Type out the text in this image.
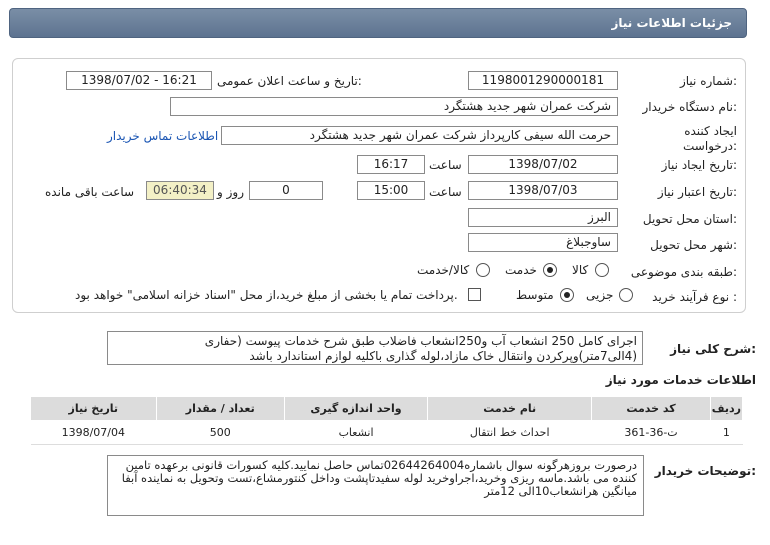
جزئیات اطلاعات نیاز
شماره نیاز:
1198001290000181
تاریخ و ساعت اعلان عمومی:
1398/07/02 - 16:21
نام دستگاه خریدار:
شرکت عمران شهر جدید هشتگرد
ایجاد کننده درخواست:
حرمت الله سیفی کارپرداز شرکت عمران شهر جدید هشتگرد
اطلاعات تماس خریدار
تاریخ ایجاد نیاز:
1398/07/02
ساعت
16:17
تاریخ اعتبار نیاز:
1398/07/03
ساعت
15:00
0
روز و
06:40:34
ساعت باقی مانده
استان محل تحویل:
البرز
شهر محل تحویل:
ساوجبلاغ
طبقه بندی موضوعی:
کالا
خدمت
کالا/خدمت
نوع فرآیند خرید :
جزیی
متوسط
پرداخت تمام یا بخشی از مبلغ خرید،از محل "اسناد خزانه اسلامی" خواهد بود.
شرح کلی نیاز:
اجرای کامل 250 انشعاب آب و250انشعاب فاضلاب طبق شرح خدمات پیوست (حفاری (4الی7متر)وپرکردن وانتقال خاک مازاد،لوله گذاری باکلیه لوازم استاندارد باشد
اطلاعات خدمات مورد نیاز
ردیف	کد خدمت	نام خدمت	واحد اندازه گیری	تعداد / مقدار	تاریخ نیاز
1	ت-36-361	احداث خط انتقال	انشعاب	500	1398/07/04
توضیحات خریدار:
درصورت بروزهرگونه سوال باشماره02644264004تماس حاصل نمایید.کلیه کسورات قانونی برعهده تامین کننده می باشد.ماسه ریزی وخرید،اجراوخرید لوله سفیدتاپشت وداخل کنتورمشاع،تست وتحویل به نماینده آبفا میانگین هرانشعاب10الی 12متر
